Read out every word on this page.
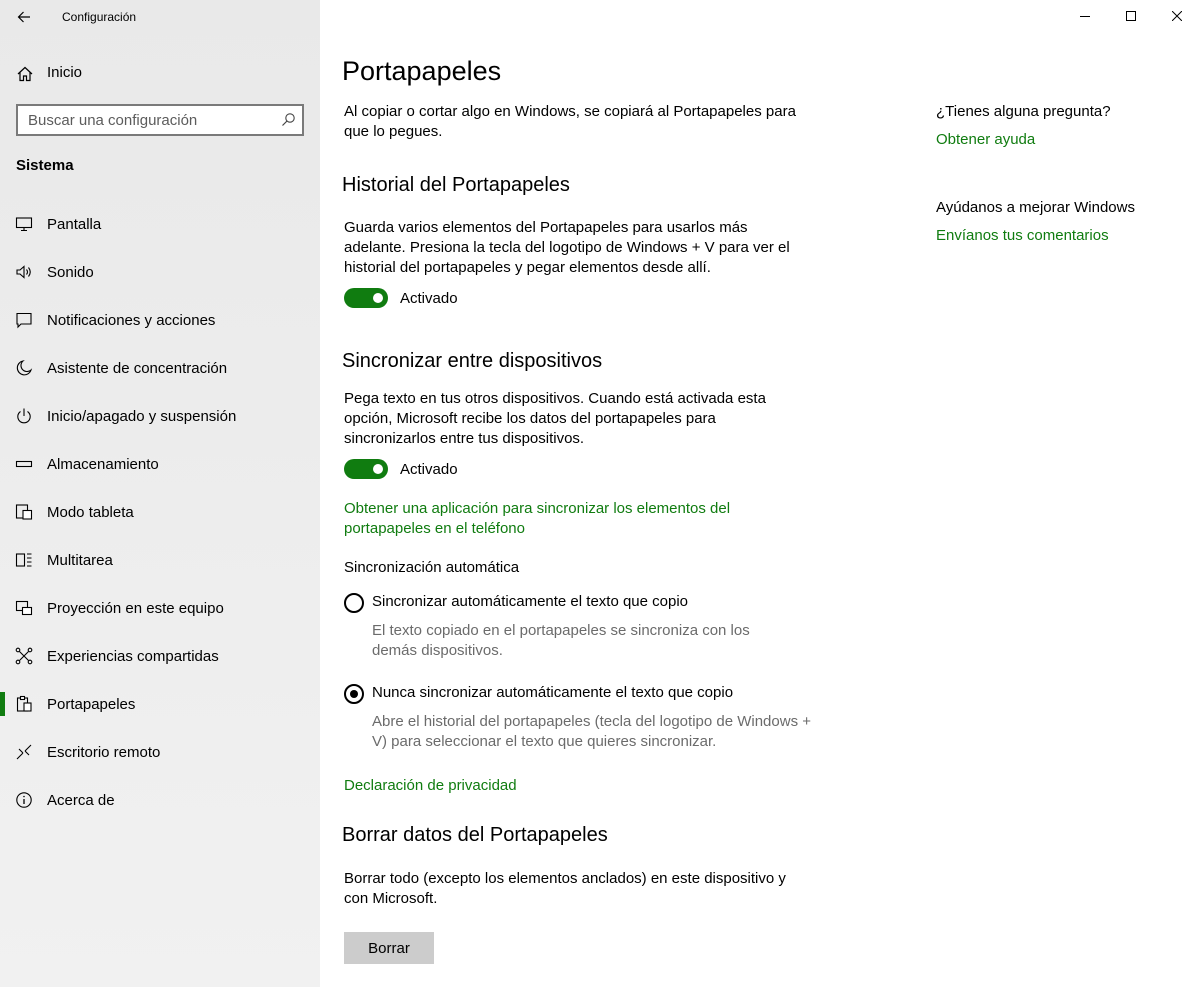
Configuración
Inicio
Buscar una configuración
Sistema
Pantalla
Sonido
Notificaciones y acciones
Asistente de concentración
Inicio/apagado y suspensión
Almacenamiento
Modo tableta
Multitarea
Proyección en este equipo
Experiencias compartidas
Portapapeles
Escritorio remoto
Acerca de
Portapapeles

Al copiar o cortar algo en Windows, se copiará al Portapapeles para que lo pegues.

Historial del Portapapeles

Guarda varios elementos del Portapapeles para usarlos más adelante. Presiona la tecla del logotipo de Windows + V para ver el historial del portapapeles y pegar elementos desde allí.

Activado
Sincronizar entre dispositivos

Pega texto en tus otros dispositivos. Cuando está activada esta opción, Microsoft recibe los datos del portapapeles para sincronizarlos entre tus dispositivos.

Activado

Obtener una aplicación para sincronizar los elementos del portapapeles en el teléfono

Sincronización automática
Sincronizar automáticamente el texto que copio

El texto copiado en el portapapeles se sincroniza con los demás dispositivos.

Nunca sincronizar automáticamente el texto que copio

Abre el historial del portapapeles (tecla del logotipo de Windows + V) para seleccionar el texto que quieres sincronizar.

Declaración de privacidad
Borrar datos del Portapapeles

Borrar todo (excepto los elementos anclados) en este dispositivo y con Microsoft.

Borrar
¿Tienes alguna pregunta?
Obtener ayuda
Ayúdanos a mejorar Windows
Envíanos tus comentarios
